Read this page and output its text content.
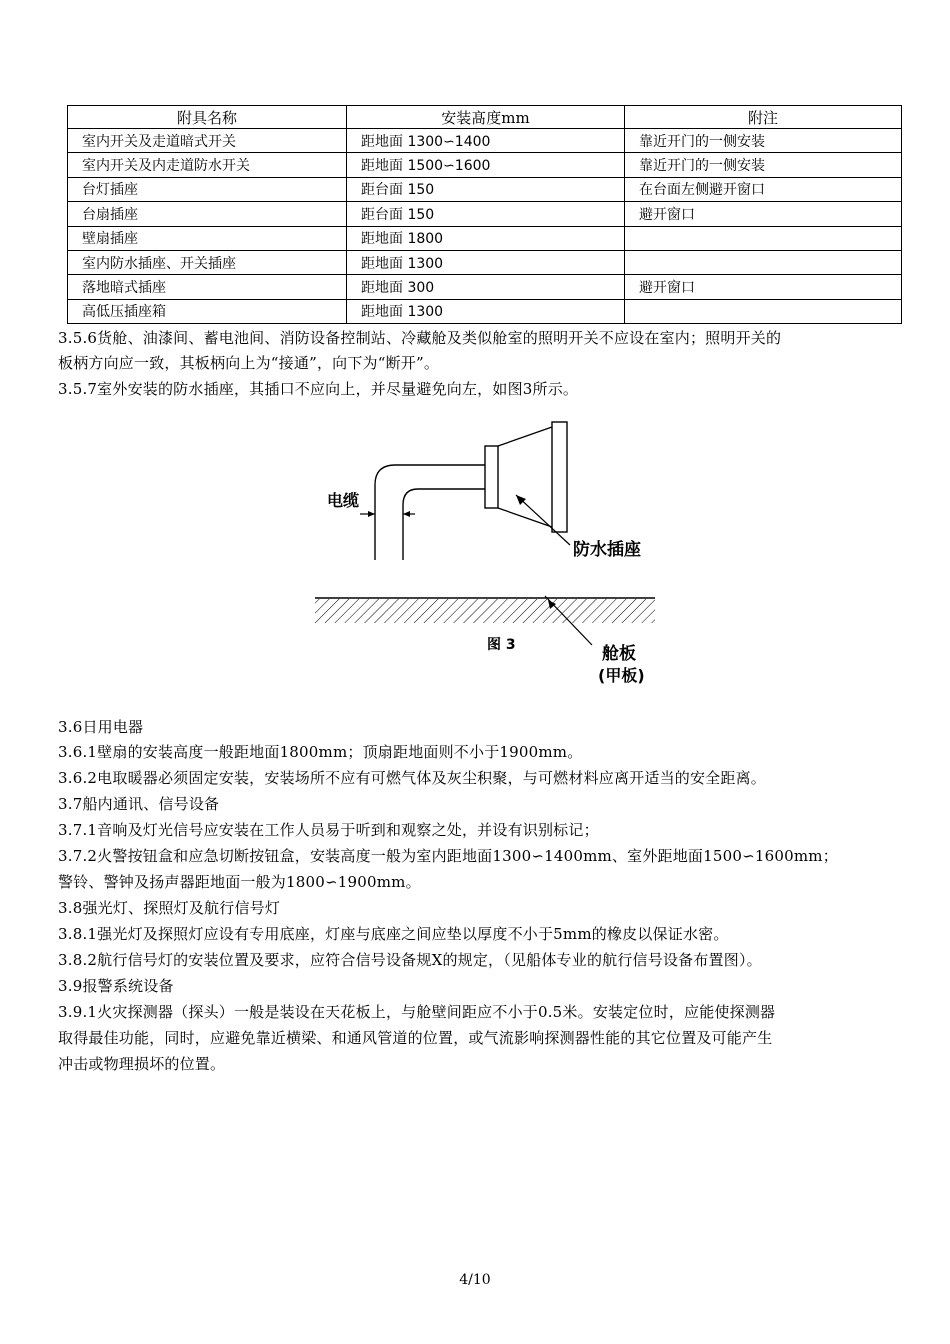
附具名称	安装髙度mm	附注
室内开关及走道暗式开关	距地面 1300∽1400	靠近开门的一侧安装
室内开关及内走道防水开关	距地面 1500∽1600	靠近开门的一侧安装
台灯插座	距台面 150	在台面左侧避开窗口
台扇插座	距台面 150	避开窗口
壁扇插座	距地面 1800	
室内防水插座、开关插座	距地面 1300	
落地暗式插座	距地面 300	避开窗口
高低压插座箱	距地面 1300	
3.5.6货舱、油漆间、蓄电池间、消防设备控制站、冷藏舱及类似舱室的照明开关不应设在室内；照明开关的
板柄方向应一致，其板柄向上为“接通”，向下为“断开”。
3.5.7室外安装的防水插座，其插口不应向上，并尽量避免向左，如图3所示。
电缆
防水插座
图 3	舱板
(甲板)
3.6日用电器
3.6.1壁扇的安装高度一般距地面1800mm；顶扇距地面则不小于1900mm。
3.6.2电取暖器必须固定安装，安装场所不应有可燃气体及灰尘积聚，与可燃材料应离开适当的安全距离。
3.7船内通讯、信号设备
3.7.1音响及灯光信号应安装在工作人员易于听到和观察之处，并设有识别标记；
3.7.2火警按钮盒和应急切断按钮盒，安装高度一般为室内距地面1300∽1400mm、室外距地面1500∽1600mm；
警铃、警钟及扬声器距地面一般为1800∽1900mm。
3.8强光灯、探照灯及航行信号灯
3.8.1强光灯及探照灯应设有专用底座，灯座与底座之间应垫以厚度不小于5mm的橡皮以保证水密。
3.8.2航行信号灯的安装位置及要求，应符合信号设备规X的规定，（见船体专业的航行信号设备布置图）。
3.9报警系统设备
3.9.1火灾探测器（探头）一般是装设在天花板上，与舱壁间距应不小于0.5米。安装定位时，应能使探测器
取得最佳功能，同时，应避免靠近横梁、和通风管道的位置，或气流影响探测器性能的其它位置及可能产生
冲击或物理损坏的位置。
4/10
